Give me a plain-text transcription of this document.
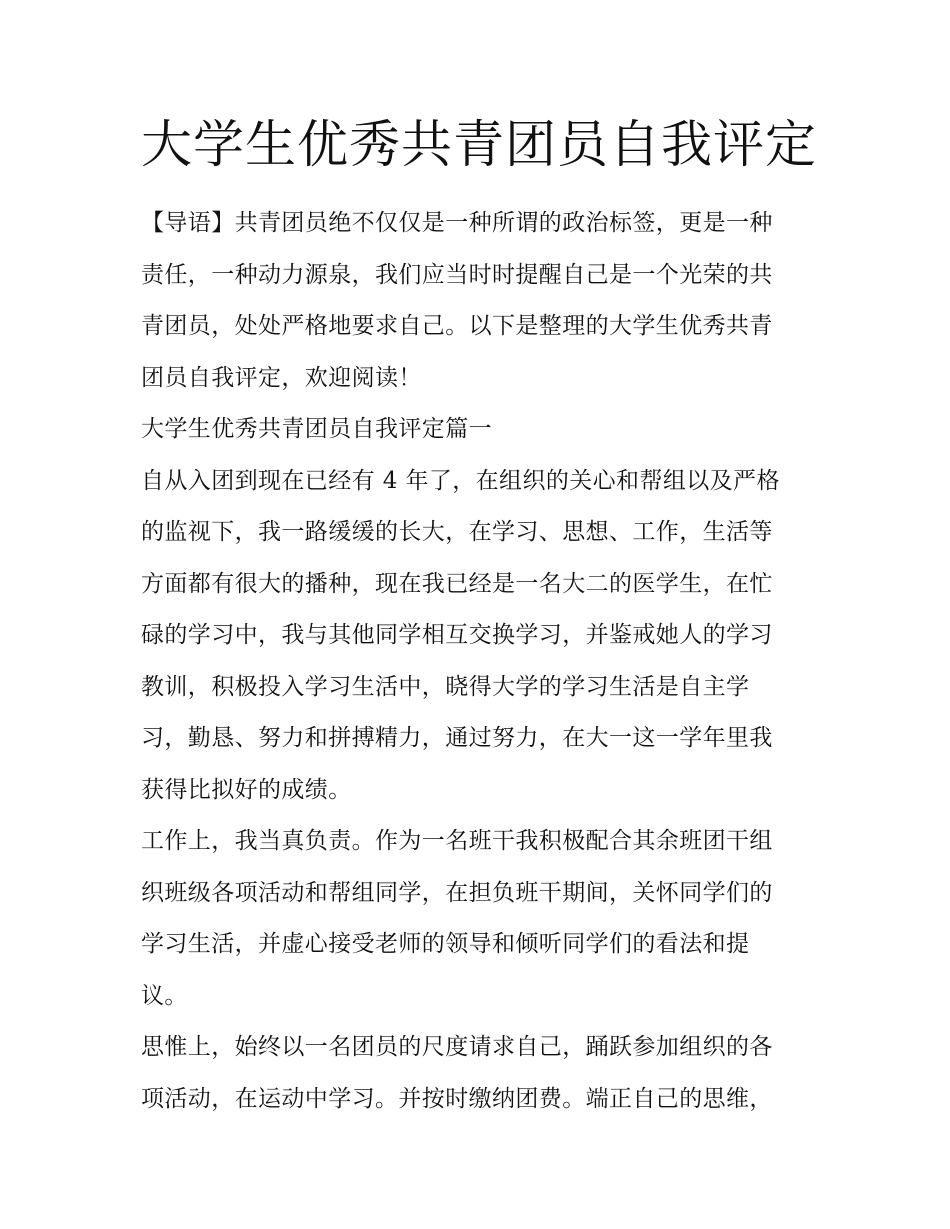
大学生优秀共青团员自我评定
【导语】共青团员绝不仅仅是一种所谓的政治标签，更是一种
责任，一种动力源泉，我们应当时时提醒自己是一个光荣的共
青团员，处处严格地要求自己。以下是整理的大学生优秀共青
团员自我评定，欢迎阅读！
大学生优秀共青团员自我评定篇一
自从入团到现在已经有 4 年了，在组织的关心和帮组以及严格
的监视下，我一路缓缓的长大，在学习、思想、工作，生活等
方面都有很大的播种，现在我已经是一名大二的医学生，在忙
碌的学习中，我与其他同学相互交换学习，并鉴戒她人的学习
教训，积极投入学习生活中，晓得大学的学习生活是自主学
习，勤恳、努力和拼搏精力，通过努力，在大一这一学年里我
获得比拟好的成绩。
工作上，我当真负责。作为一名班干我积极配合其余班团干组
织班级各项活动和帮组同学，在担负班干期间，关怀同学们的
学习生活，并虚心接受老师的领导和倾听同学们的看法和提
议。
思惟上，始终以一名团员的尺度请求自己，踊跃参加组织的各
项活动，在运动中学习。并按时缴纳团费。端正自己的思维，
